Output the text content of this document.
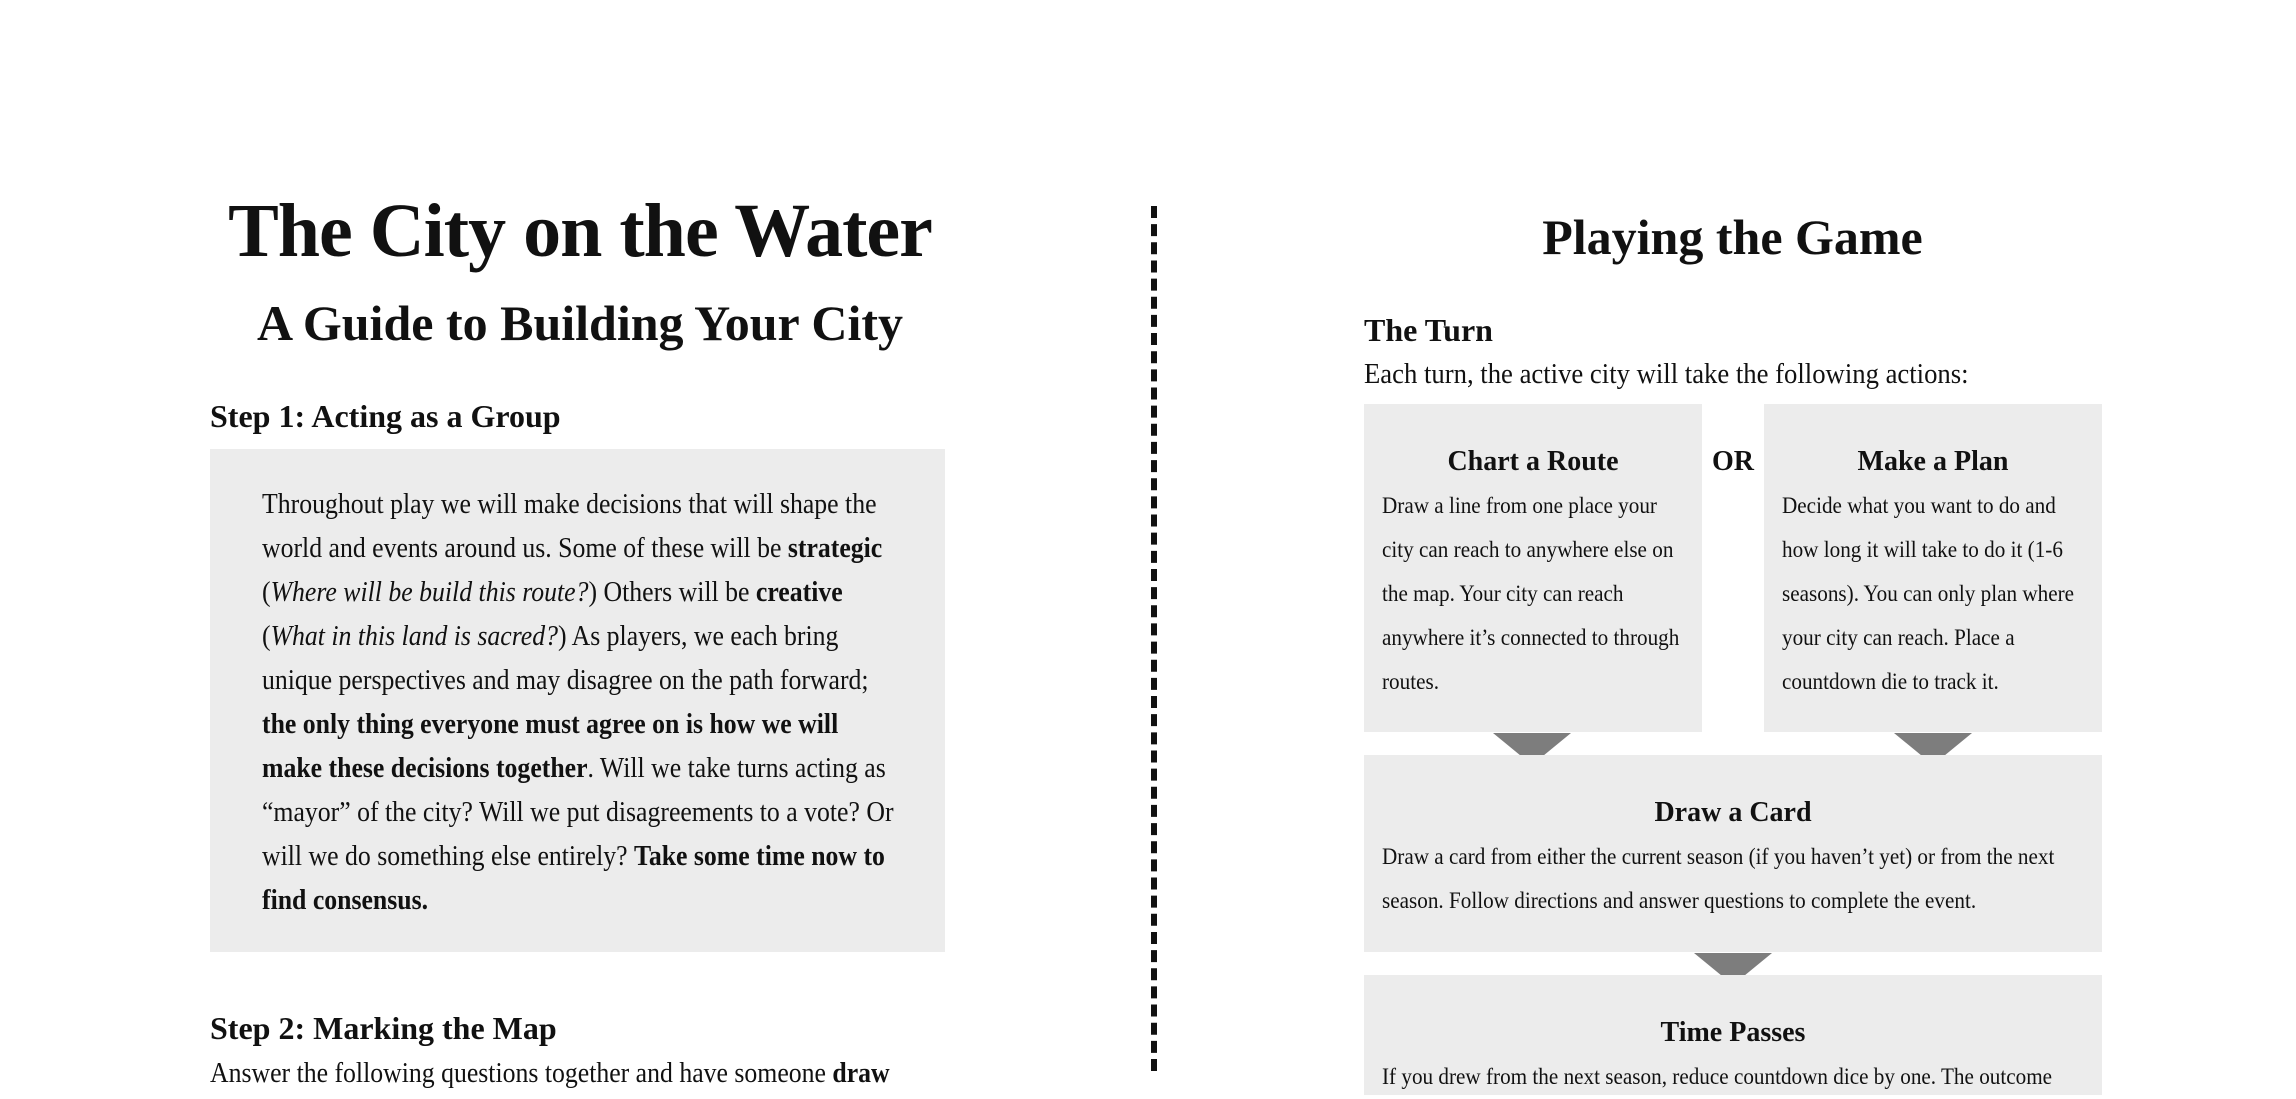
The City on the Water
A Guide to Building Your City
Step 1: Acting as a Group

Throughout play we will make decisions that will shape the world and events around us. Some of these will be strategic (Where will be build this route?) Others will be creative (What in this land is sacred?) As players, we each bring unique perspectives and may disagree on the path forward; the only thing everyone must agree on is how we will make these decisions together. Will we take turns acting as “mayor” of the city? Will we put disagreements to a vote? Or will we do something else entirely? Take some time now to find consensus.

Step 2: Marking the Map

Answer the following questions together and have someone draw

Playing the Game
The Turn

Each turn, the active city will take the following actions:

Chart a Route

Draw a line from one place your city can reach to anywhere else on the map. Your city can reach anywhere it’s connected to through routes.

OR	Make a Plan

Decide what you want to do and how long it will take to do it (1-6 seasons). You can only plan where your city can reach. Place a countdown die to track it.

Draw a Card

Draw a card from either the current season (if you haven’t yet) or from the next season. Follow directions and answer questions to complete the event.

Time Passes

If you drew from the next season, reduce countdown dice by one. The outcome
